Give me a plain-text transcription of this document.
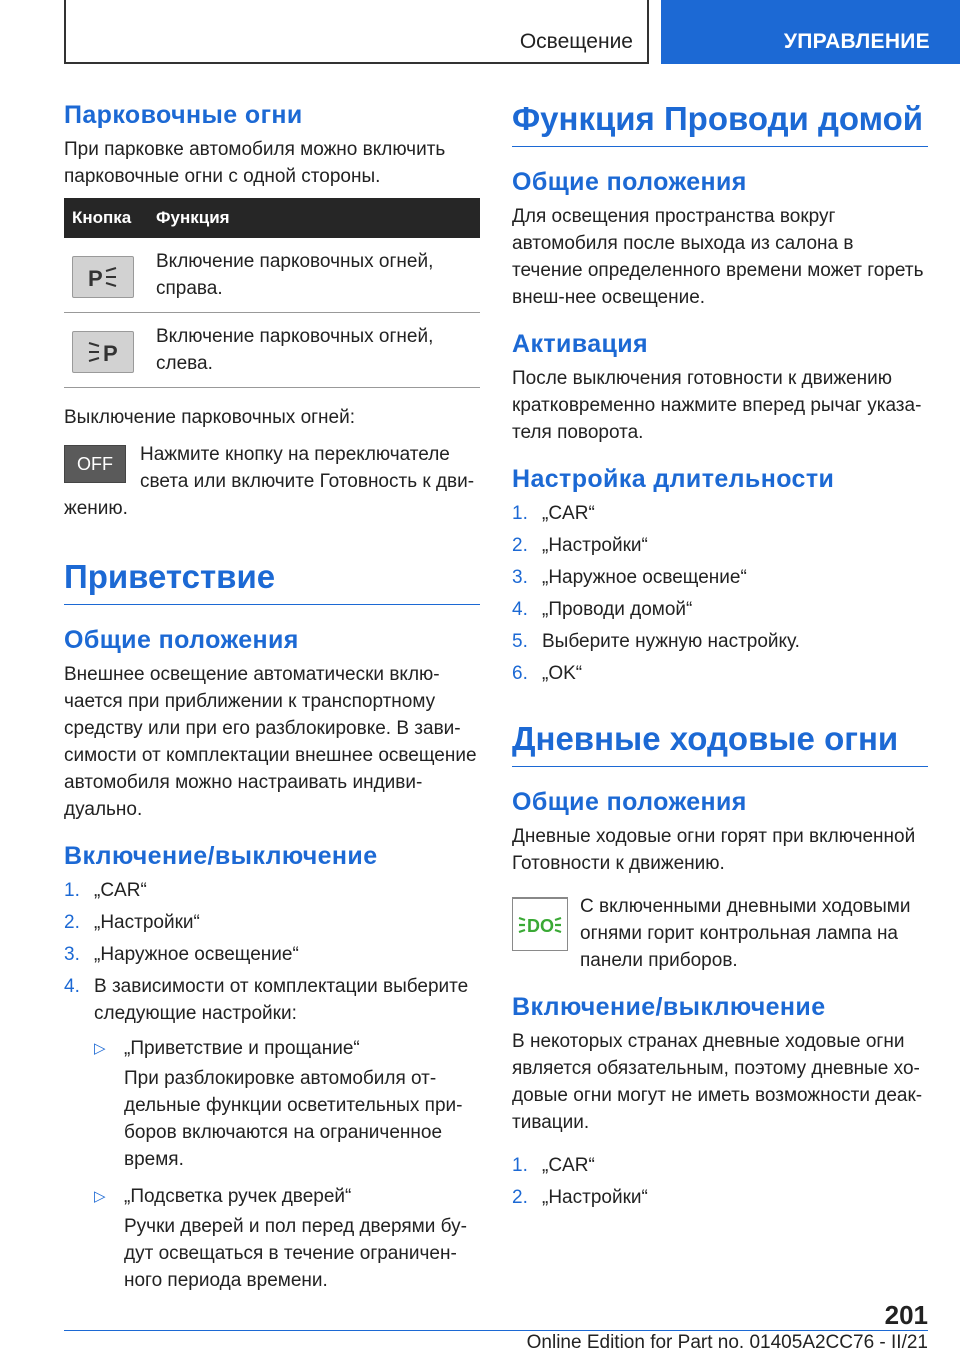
Освещение	УПРАВЛЕНИЕ
Парковочные огни
При парковке автомобиля можно включить парковочные огни с одной стороны.
Кнопка	Функция

P	Включение парковочных огней, справа.

P	Включение парковочных огней, слева.
Выключение парковочных огней:
OFF	Нажмите кнопку на переключателе света или включите Готовность к дви-жению.
Приветствие
Общие положения
Внешнее освещение автоматически вклю-чается при приближении к транспортному средству или при его разблокировке. В зави-симости от комплектации внешнее освещение автомобиля можно настраивать индиви-дуально.
Включение/выключение
1. „CAR“
2. „Настройки“
3. „Наружное освещение“
4. В зависимости от комплектации выберите следующие настройки:
▷ „Приветствие и прощание“
При разблокировке автомобиля от-дельные функции осветительных при-боров включаются на ограниченное время.
▷ „Подсветка ручек дверей“
Ручки дверей и пол перед дверями бу-дут освещаться в течение ограничен-ного периода времени.
Функция Проводи домой
Общие положения
Для освещения пространства вокруг автомобиля после выхода из салона в течение определенного времени может гореть внеш-нее освещение.
Активация
После выключения готовности к движению кратковременно нажмите вперед рычаг указа-теля поворота.
Настройка длительности
1. „CAR“
2. „Настройки“
3. „Наружное освещение“
4. „Проводи домой“
5. Выберите нужную настройку.
6. „OK“
Дневные ходовые огни
Общие положения
Дневные ходовые огни горят при включенной Готовности к движению.
DO
С включенными дневными ходовыми огнями горит контрольная лампа на панели приборов.
Включение/выключение
В некоторых странах дневные ходовые огни является обязательным, поэтому дневные хо-довые огни могут не иметь возможности деак-тивации.
1. „CAR“
2. „Настройки“
201
Online Edition for Part no. 01405A2CC76 - II/21
